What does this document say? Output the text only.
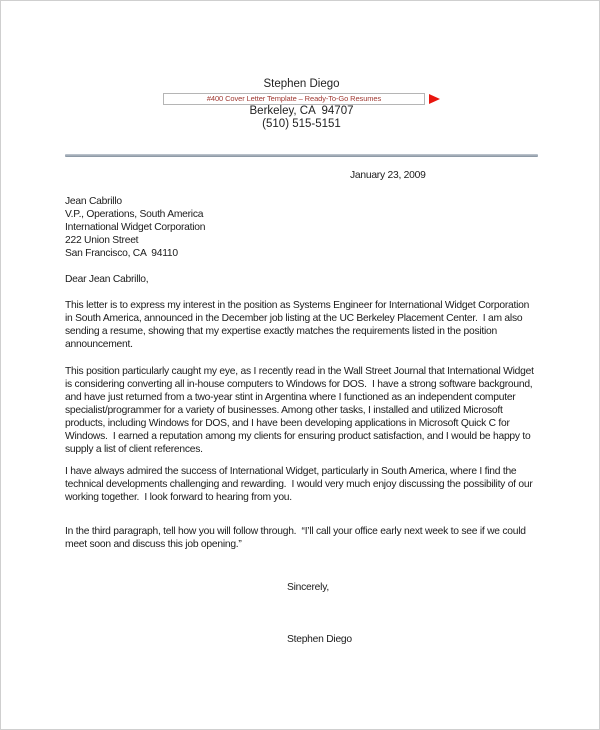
Stephen Diego
#400 Cover Letter Template – Ready-To-Go Resumes
Berkeley, CA  94707
(510) 515-5151
January 23, 2009
Jean Cabrillo
V.P., Operations, South America
International Widget Corporation
222 Union Street
San Francisco, CA  94110
Dear Jean Cabrillo,
This letter is to express my interest in the position as Systems Engineer for International Widget Corporation in South America, announced in the December job listing at the UC Berkeley Placement Center.  I am also sending a resume, showing that my expertise exactly matches the requirements listed in the position announcement.
This position particularly caught my eye, as I recently read in the Wall Street Journal that International Widget is considering converting all in-house computers to Windows for DOS.  I have a strong software background, and have just returned from a two-year stint in Argentina where I functioned as an independent computer specialist/programmer for a variety of businesses. Among other tasks, I installed and utilized Microsoft products, including Windows for DOS, and I have been developing applications in Microsoft Quick C for Windows.  I earned a reputation among my clients for ensuring product satisfaction, and I would be happy to supply a list of client references.
I have always admired the success of International Widget, particularly in South America, where I find the technical developments challenging and rewarding.  I would very much enjoy discussing the possibility of our working together.  I look forward to hearing from you.
In the third paragraph, tell how you will follow through.  “I’ll call your office early next week to see if we could meet soon and discuss this job opening.”
Sincerely,
Stephen Diego
